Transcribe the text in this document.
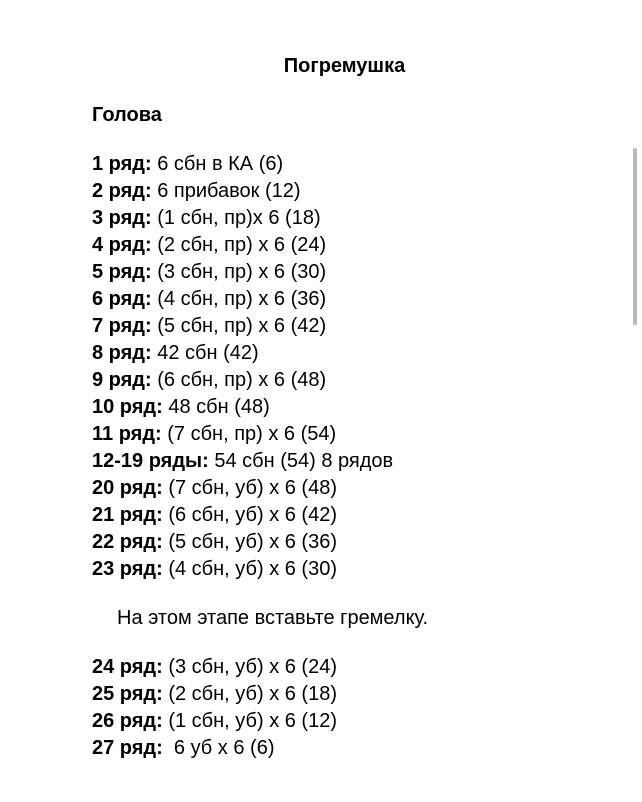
Погремушка
Голова
1 ряд: 6 сбн в КА (6)
2 ряд: 6 прибавок (12)
3 ряд: (1 сбн, пр)х 6 (18)
4 ряд: (2 сбн, пр) х 6 (24)
5 ряд: (3 сбн, пр) х 6 (30)
6 ряд: (4 сбн, пр) х 6 (36)
7 ряд: (5 сбн, пр) х 6 (42)
8 ряд: 42 сбн (42)
9 ряд: (6 сбн, пр) х 6 (48)
10 ряд: 48 сбн (48)
11 ряд: (7 сбн, пр) х 6 (54)
12-19 ряды: 54 сбн (54) 8 рядов
20 ряд: (7 сбн, уб) х 6 (48)
21 ряд: (6 сбн, уб) х 6 (42)
22 ряд: (5 сбн, уб) х 6 (36)
23 ряд: (4 сбн, уб) х 6 (30)
На этом этапе вставьте гремелку.
24 ряд: (3 сбн, уб) х 6 (24)
25 ряд: (2 сбн, уб) х 6 (18)
26 ряд: (1 сбн, уб) х 6 (12)
27 ряд:  6 уб х 6 (6)
